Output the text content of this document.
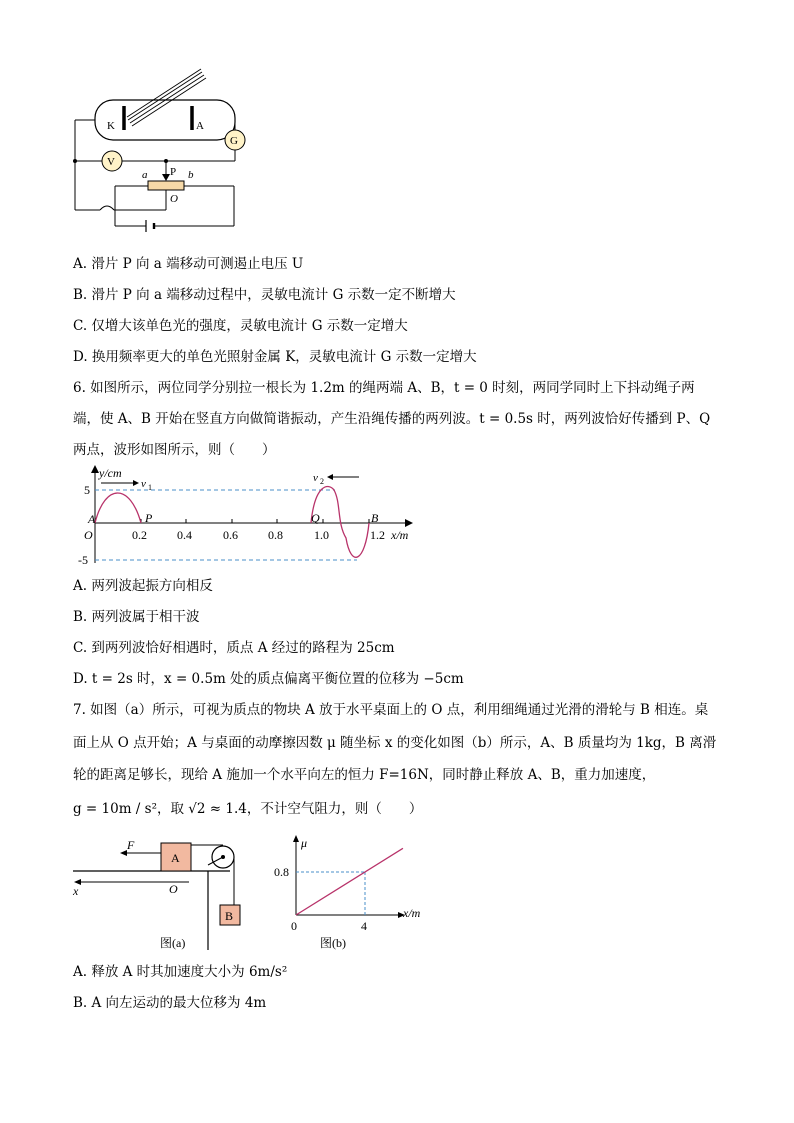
K	A
G
V
P
a	b
O
A. 滑片 P 向 a 端移动可测遏止电压 U
B. 滑片 P 向 a 端移动过程中，灵敏电流计 G 示数一定不断增大
C. 仅增大该单色光的强度，灵敏电流计 G 示数一定增大
D. 换用频率更大的单色光照射金属 K，灵敏电流计 G 示数一定增大
6. 如图所示，两位同学分别拉一根长为 1.2m 的绳两端 A、B，t = 0 时刻，两同学同时上下抖动绳子两
端，使 A、B 开始在竖直方向做简谐振动，产生沿绳传播的两列波。t = 0.5s 时，两列波恰好传播到 P、Q
两点，波形如图所示，则（　　）
y/cm
5
-5
O
A	P	Q	B
0.2	0.4	0.6	0.8	1.0	1.2 x/m
v 1
v 2
A. 两列波起振方向相反
B. 两列波属于相干波
C. 到两列波恰好相遇时，质点 A 经过的路程为 25cm
D. t = 2s 时，x = 0.5m 处的质点偏离平衡位置的位移为 −5cm
7. 如图（a）所示，可视为质点的物块 A 放于水平桌面上的 O 点，利用细绳通过光滑的滑轮与 B 相连。桌
面上从 O 点开始；A 与桌面的动摩擦因数 μ 随坐标 x 的变化如图（b）所示，A、B 质量均为 1kg，B 离滑
轮的距离足够长，现给 A 施加一个水平向左的恒力 F=16N，同时静止释放 A、B，重力加速度，
g = 10m / s²，取 √2 ≈ 1.4，不计空气阻力，则（　　）
A
F
B
x	O
图(a)
μ
0.8
4
0
x/m
图(b)
A. 释放 A 时其加速度大小为 6m/s²
B. A 向左运动的最大位移为 4m
